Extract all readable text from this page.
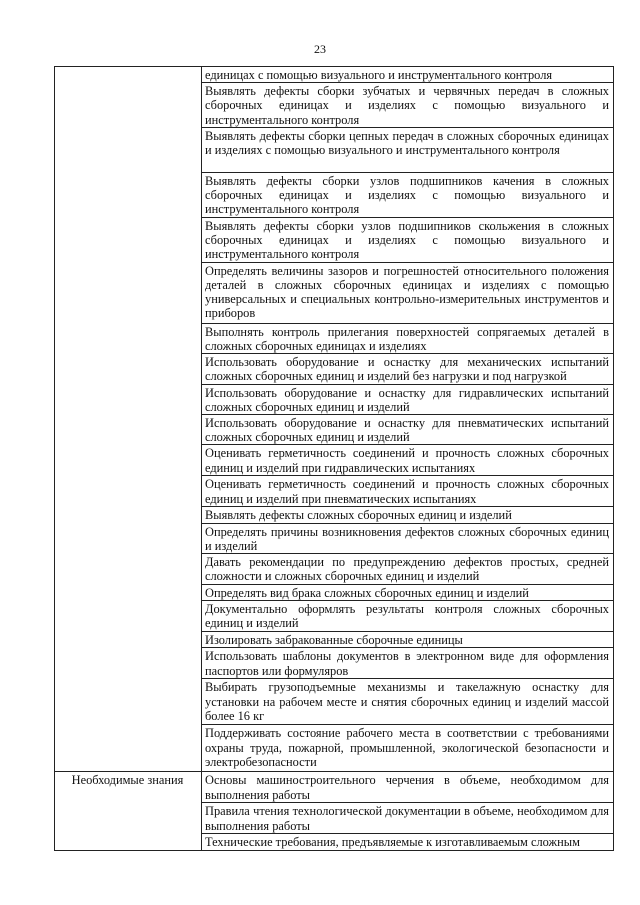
23
	единицах с помощью визуального и инструментального контроля
	Выявлять дефекты сборки зубчатых и червячных передач в сложных сборочных единицах и изделиях с помощью визуального и инструментального контроля
	Выявлять дефекты сборки цепных передач в сложных сборочных единицах и изделиях с помощью визуального и инструментального контроля
	Выявлять дефекты сборки узлов подшипников качения в сложных сборочных единицах и изделиях с помощью визуального и инструментального контроля
	Выявлять дефекты сборки узлов подшипников скольжения в сложных сборочных единицах и изделиях с помощью визуального и инструментального контроля
	Определять величины зазоров и погрешностей относительного положения деталей в сложных сборочных единицах и изделиях с помощью универсальных и специальных контрольно-измерительных инструментов и приборов
	Выполнять контроль прилегания поверхностей сопрягаемых деталей в сложных сборочных единицах и изделиях
	Использовать оборудование и оснастку для механических испытаний сложных сборочных единиц и изделий без нагрузки и под нагрузкой
	Использовать оборудование и оснастку для гидравлических испытаний сложных сборочных единиц и изделий
	Использовать оборудование и оснастку для пневматических испытаний сложных сборочных единиц и изделий
	Оценивать герметичность соединений и прочность сложных сборочных единиц и изделий при гидравлических испытаниях
	Оценивать герметичность соединений и прочность сложных сборочных единиц и изделий при пневматических испытаниях
	Выявлять дефекты сложных сборочных единиц и изделий
	Определять причины возникновения дефектов сложных сборочных единиц и изделий
	Давать рекомендации по предупреждению дефектов простых, средней сложности и сложных сборочных единиц и изделий
	Определять вид брака сложных сборочных единиц и изделий
	Документально оформлять результаты контроля сложных сборочных единиц и изделий
	Изолировать забракованные сборочные единицы
	Использовать шаблоны документов в электронном виде для оформления паспортов или формуляров
	Выбирать грузоподъемные механизмы и такелажную оснастку для установки на рабочем месте и снятия сборочных единиц и изделий массой более 16 кг
	Поддерживать состояние рабочего места в соответствии с требованиями охраны труда, пожарной, промышленной, экологической безопасности и электробезопасности
Необходимые знания	Основы машиностроительного черчения в объеме, необходимом для выполнения работы
	Правила чтения технологической документации в объеме, необходимом для выполнения работы
	Технические требования, предъявляемые к изготавливаемым сложным
